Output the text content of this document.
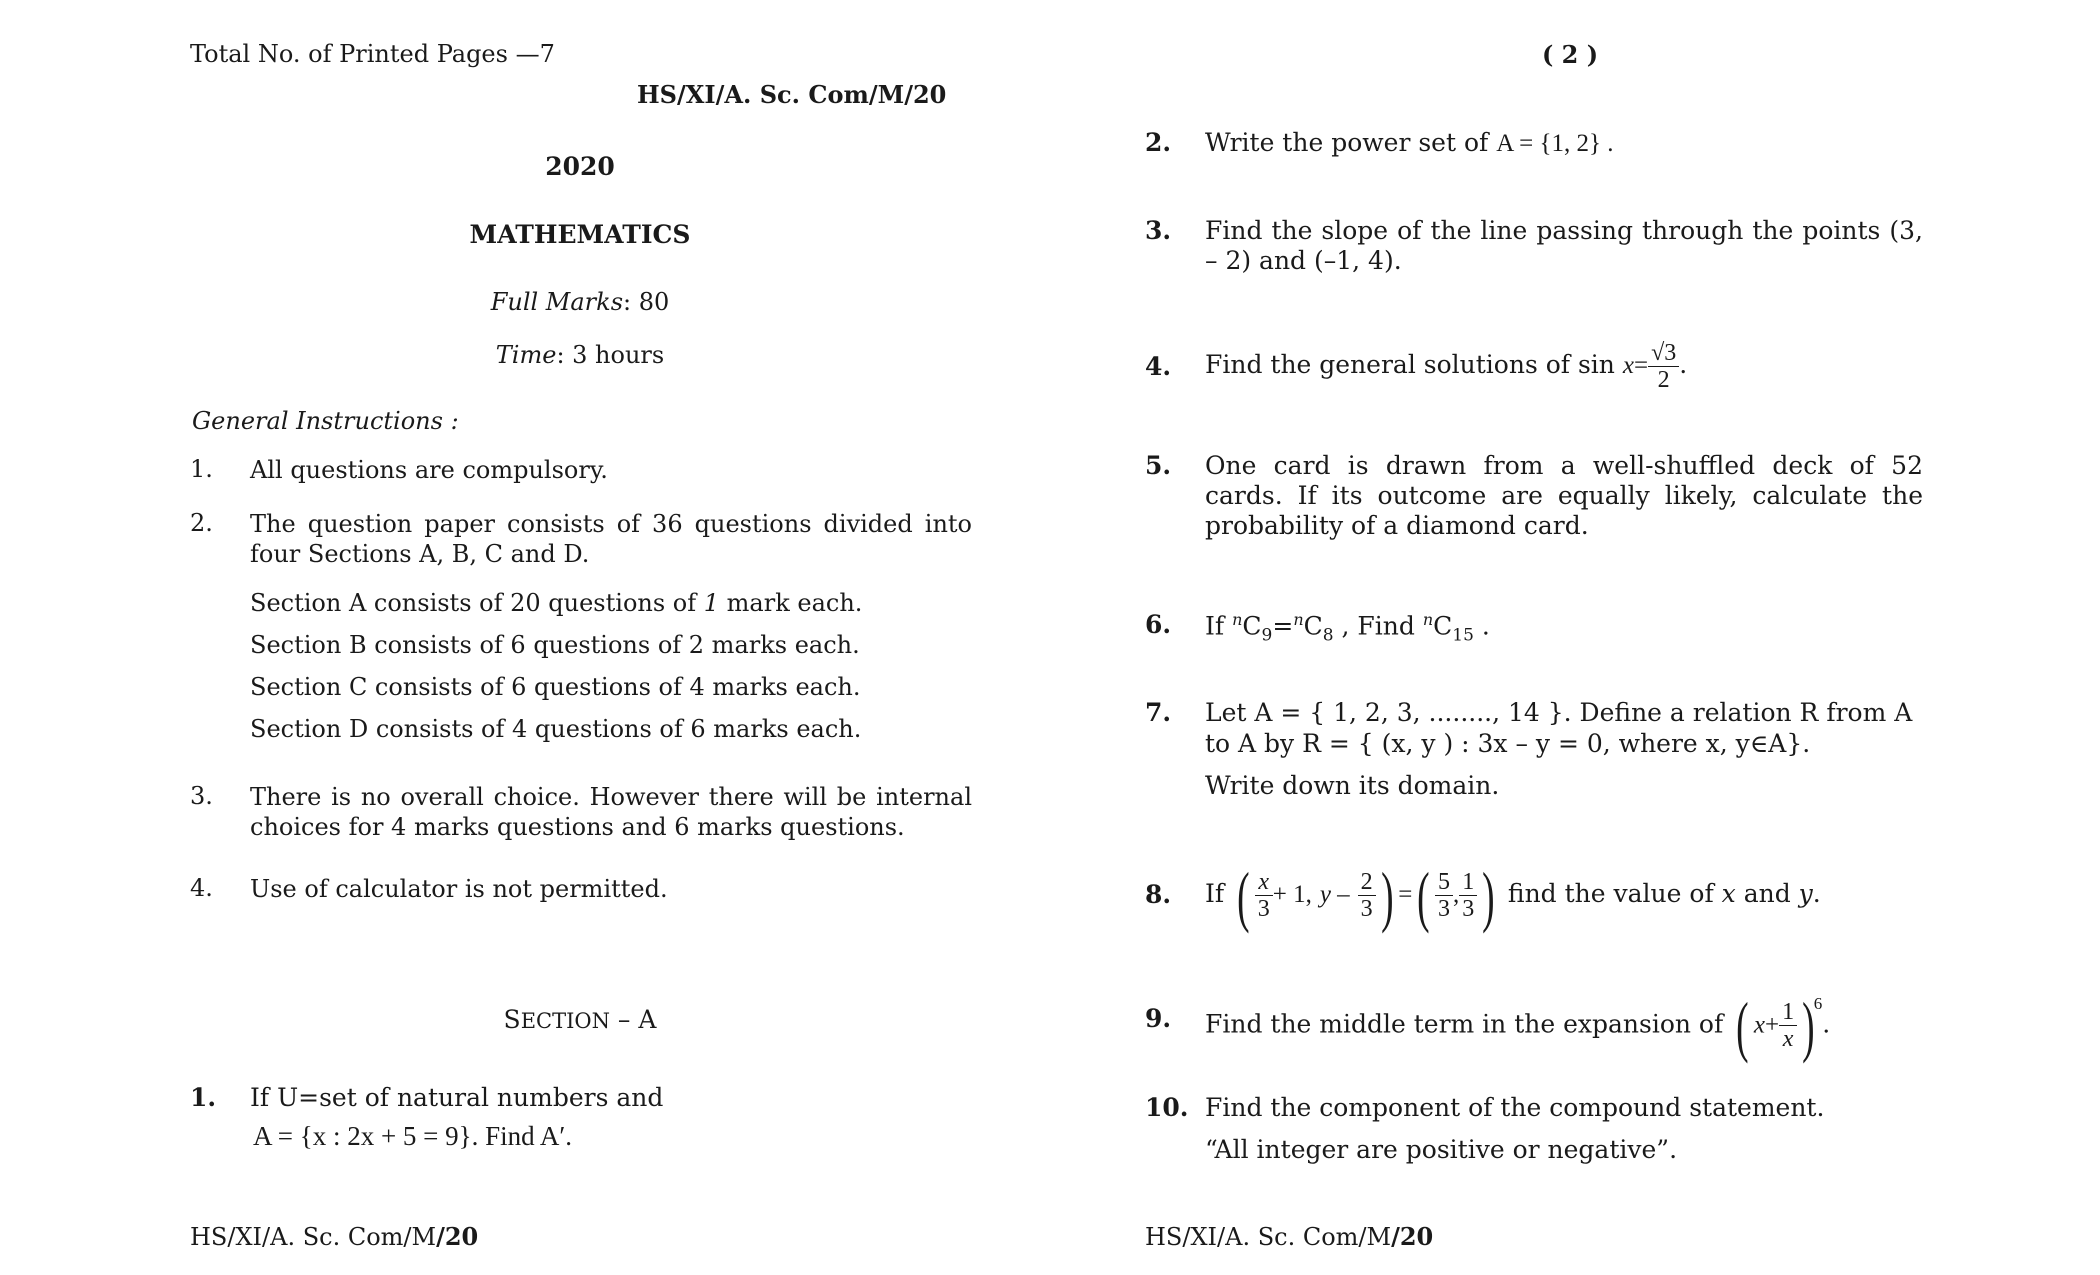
Total No. of Printed Pages —7
HS/XI/A. Sc. Com/M/20
2020
MATHEMATICS
Full Marks: 80
Time: 3 hours
General Instructions :
1. All questions are compulsory.
2. The question paper consists of 36 questions divided into four Sections A, B, C and D.
Section A consists of 20 questions of 1 mark each.
Section B consists of 6 questions of 2 marks each.
Section C consists of 6 questions of 4 marks each.
Section D consists of 4 questions of 6 marks each.
3. There is no overall choice. However there will be internal choices for 4 marks questions and 6 marks questions.
4. Use of calculator is not permitted.
SECTION – A
1. If U=set of natural numbers and
A = {x : 2x + 5 = 9}. Find A′.
HS/XI/A. Sc. Com/M/20
( 2 )
2. Write the power set of A = {1, 2} .
3. Find the slope of the line passing through the points (3, – 2) and (–1, 4).
4. Find the general solutions of $\sin x= \frac{√3}{2}$ .
5. One card is drawn from a well-shuffled deck of 52 cards. If its outcome are equally likely, calculate the probability of a diamond card.
6. If $^nC_9=^nC_8$ , Find $^nC_{15}$ .
7. Let A = { 1, 2, 3, ........, 14 }. Define a relation R from A
to A by R = { (x, y ) : 3x – y = 0, where x, y∈A}.
Write down its domain.
8. If ( $\frac{x}{3} + 1$, y – $\frac{2}{3}$ ) =( $\frac{5}{3}$ , $\frac{1}{3}$ ) find the value of x and y.
9. Find the middle term in the expansion of ( $x+ \frac{1}{x} )^6$.
10. Find the component of the compound statement.
“All integer are positive or negative”.
HS/XI/A. Sc. Com/M/20
